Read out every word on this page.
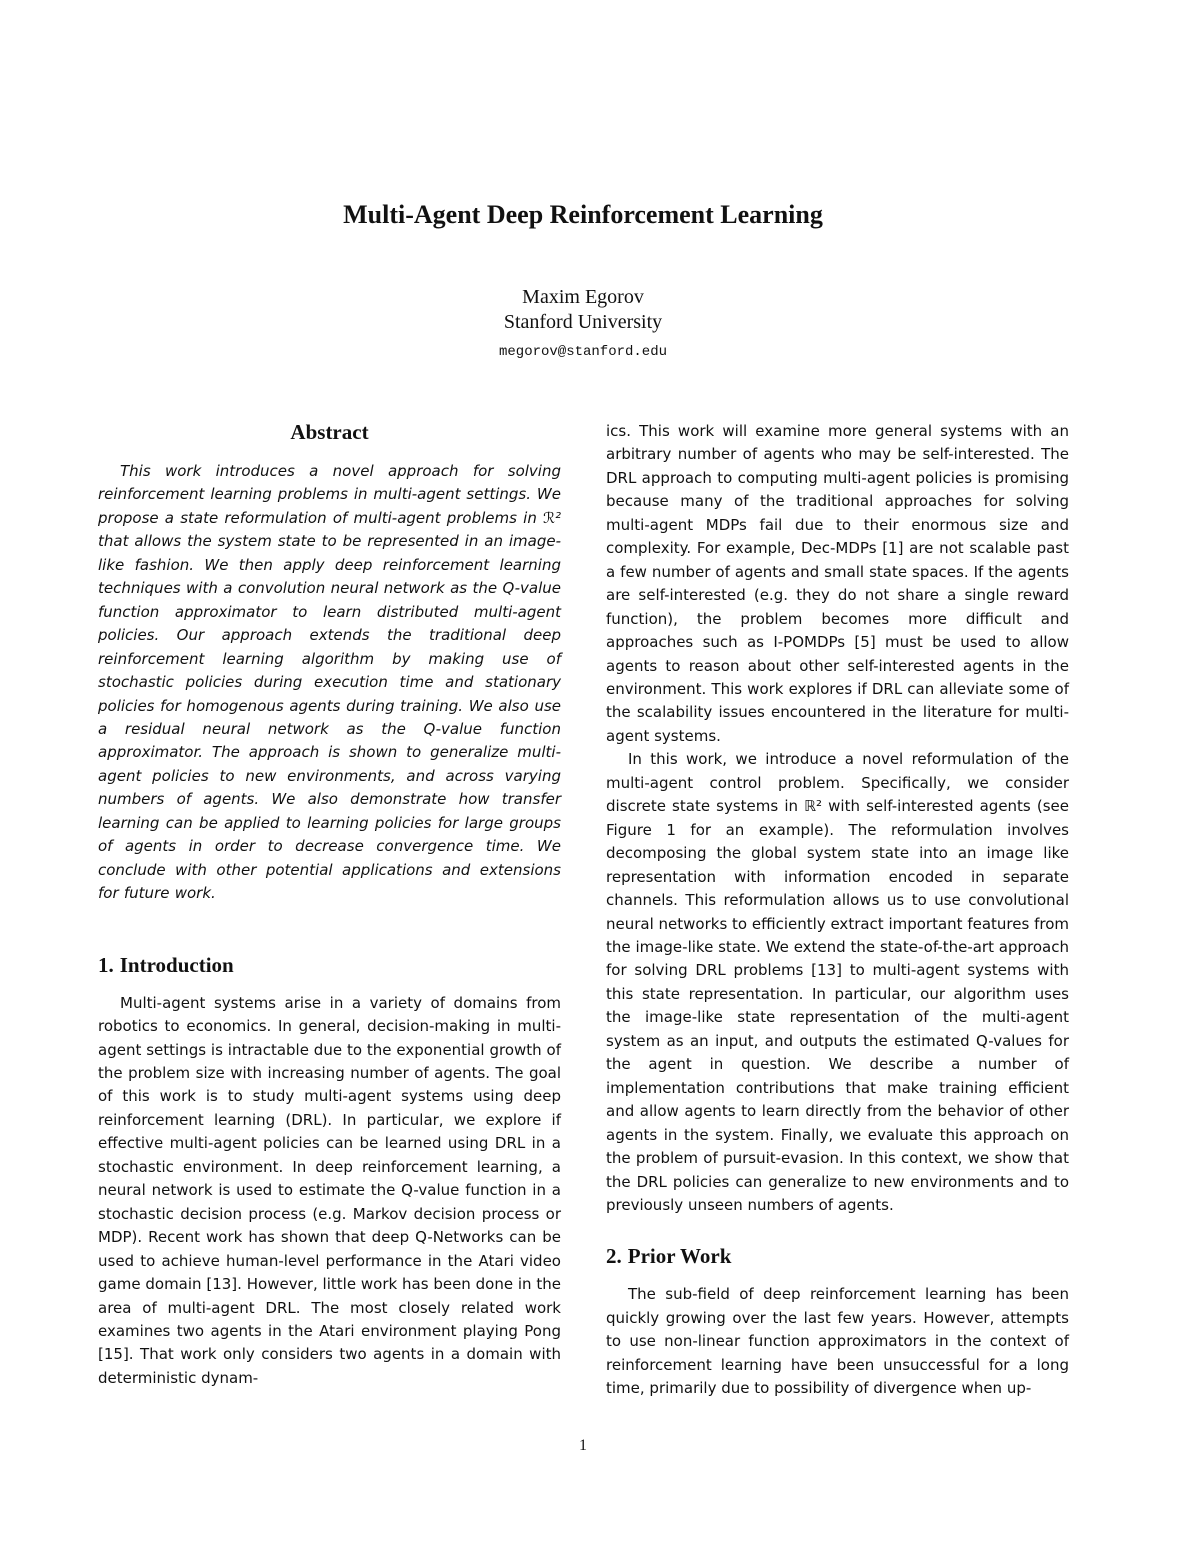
Multi-Agent Deep Reinforcement Learning
Maxim Egorov
Stanford University
megorov@stanford.edu
Abstract

This work introduces a novel approach for solving reinforcement learning problems in multi-agent settings. We propose a state reformulation of multi-agent problems in ℛ² that allows the system state to be represented in an image-like fashion. We then apply deep reinforcement learning techniques with a convolution neural network as the Q-value function approximator to learn distributed multi-agent policies. Our approach extends the traditional deep reinforcement learning algorithm by making use of stochastic policies during execution time and stationary policies for homogenous agents during training. We also use a residual neural network as the Q-value function approximator. The approach is shown to generalize multi-agent policies to new environments, and across varying numbers of agents. We also demonstrate how transfer learning can be applied to learning policies for large groups of agents in order to decrease convergence time. We conclude with other potential applications and extensions for future work.

1. Introduction

Multi-agent systems arise in a variety of domains from robotics to economics. In general, decision-making in multi-agent settings is intractable due to the exponential growth of the problem size with increasing number of agents. The goal of this work is to study multi-agent systems using deep reinforcement learning (DRL). In particular, we explore if effective multi-agent policies can be learned using DRL in a stochastic environment. In deep reinforcement learning, a neural network is used to estimate the Q-value function in a stochastic decision process (e.g. Markov decision process or MDP). Recent work has shown that deep Q-Networks can be used to achieve human-level performance in the Atari video game domain [13]. However, little work has been done in the area of multi-agent DRL. The most closely related work examines two agents in the Atari environment playing Pong [15]. That work only considers two agents in a domain with deterministic dynam-

ics. This work will examine more general systems with an arbitrary number of agents who may be self-interested. The DRL approach to computing multi-agent policies is promising because many of the traditional approaches for solving multi-agent MDPs fail due to their enormous size and complexity. For example, Dec-MDPs [1] are not scalable past a few number of agents and small state spaces. If the agents are self-interested (e.g. they do not share a single reward function), the problem becomes more difficult and approaches such as I-POMDPs [5] must be used to allow agents to reason about other self-interested agents in the environment. This work explores if DRL can alleviate some of the scalability issues encountered in the literature for multi-agent systems.

In this work, we introduce a novel reformulation of the multi-agent control problem. Specifically, we consider discrete state systems in ℝ² with self-interested agents (see Figure 1 for an example). The reformulation involves decomposing the global system state into an image like representation with information encoded in separate channels. This reformulation allows us to use convolutional neural networks to efficiently extract important features from the image-like state. We extend the state-of-the-art approach for solving DRL problems [13] to multi-agent systems with this state representation. In particular, our algorithm uses the image-like state representation of the multi-agent system as an input, and outputs the estimated Q-values for the agent in question. We describe a number of implementation contributions that make training efficient and allow agents to learn directly from the behavior of other agents in the system. Finally, we evaluate this approach on the problem of pursuit-evasion. In this context, we show that the DRL policies can generalize to new environments and to previously unseen numbers of agents.

2. Prior Work

The sub-field of deep reinforcement learning has been quickly growing over the last few years. However, attempts to use non-linear function approximators in the context of reinforcement learning have been unsuccessful for a long time, primarily due to possibility of divergence when up-

1
